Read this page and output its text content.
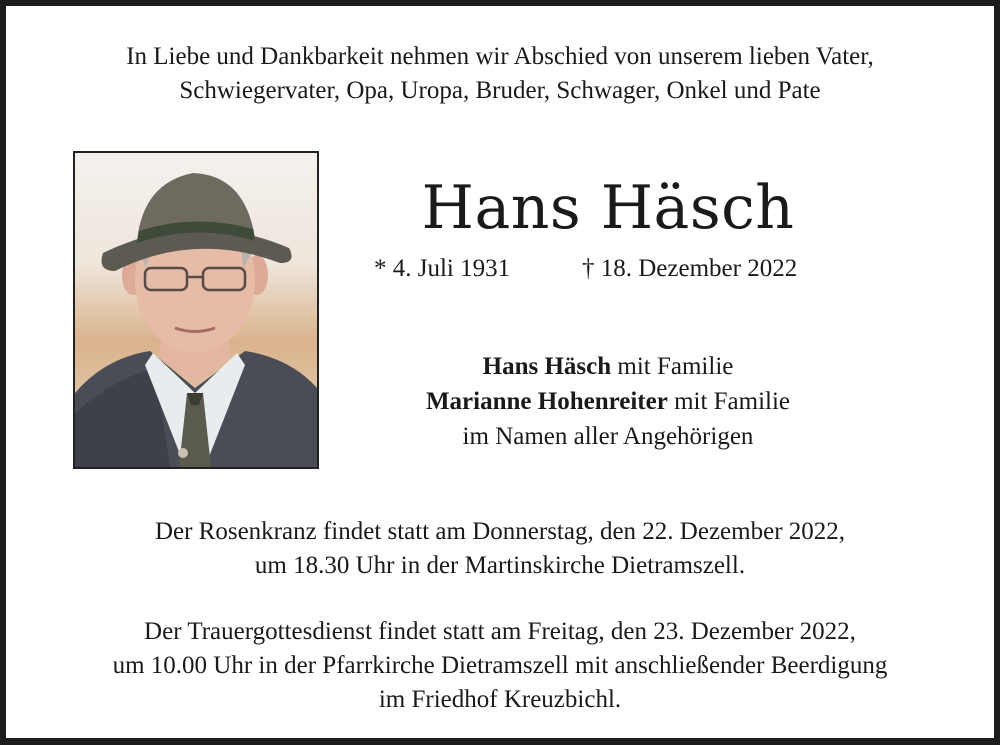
In Liebe und Dankbarkeit nehmen wir Abschied von unserem lieben Vater,
Schwiegervater, Opa, Uropa, Bruder, Schwager, Onkel und Pate
Hans Häsch
* 4. Juli 1931	† 18. Dezember 2022
Hans Häsch mit Familie
Marianne Hohenreiter mit Familie
im Namen aller Angehörigen
Der Rosenkranz findet statt am Donnerstag, den 22. Dezember 2022,
um 18.30 Uhr in der Martinskirche Dietramszell.
Der Trauergottesdienst findet statt am Freitag, den 23. Dezember 2022,
um 10.00 Uhr in der Pfarrkirche Dietramszell mit anschließender Beerdigung
im Friedhof Kreuzbichl.
